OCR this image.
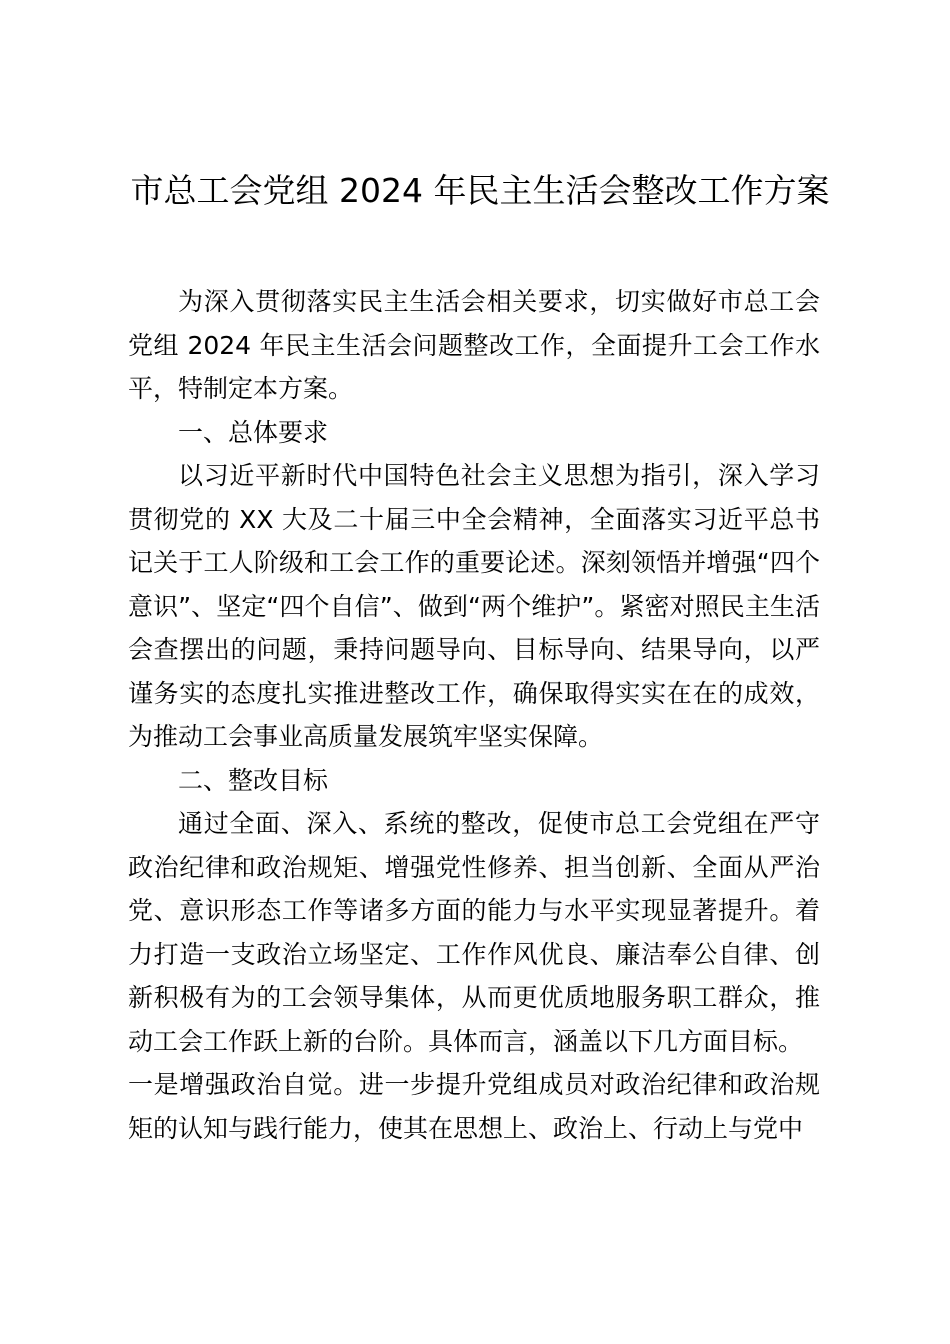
市总工会党组 2024 年民主生活会整改工作方案

为深入贯彻落实民主生活会相关要求，切实做好市总工会党组 2024 年民主生活会问题整改工作，全面提升工会工作水平，特制定本方案。

一、总体要求

以习近平新时代中国特色社会主义思想为指引，深入学习贯彻党的 XX 大及二十届三中全会精神，全面落实习近平总书记关于工人阶级和工会工作的重要论述。深刻领悟并增强“四个意识”、坚定“四个自信”、做到“两个维护”。紧密对照民主生活会查摆出的问题，秉持问题导向、目标导向、结果导向，以严谨务实的态度扎实推进整改工作，确保取得实实在在的成效，为推动工会事业高质量发展筑牢坚实保障。

二、整改目标

通过全面、深入、系统的整改，促使市总工会党组在严守政治纪律和政治规矩、增强党性修养、担当创新、全面从严治党、意识形态工作等诸多方面的能力与水平实现显著提升。着力打造一支政治立场坚定、工作作风优良、廉洁奉公自律、创新积极有为的工会领导集体，从而更优质地服务职工群众，推动工会工作跃上新的台阶。具体而言，涵盖以下几方面目标。

一是增强政治自觉。进一步提升党组成员对政治纪律和政治规矩的认知与践行能力，使其在思想上、政治上、行动上与党中
